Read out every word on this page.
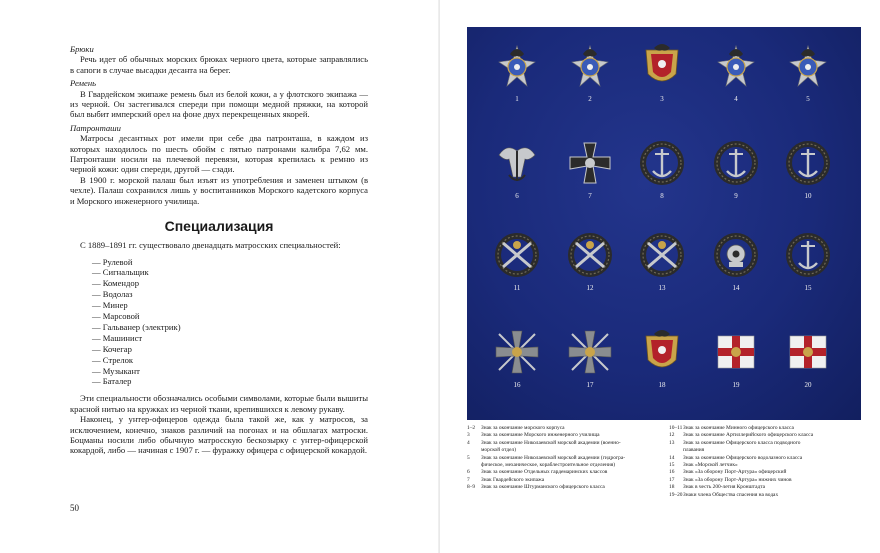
Брюки

Речь идет об обычных морских брюках черного цвета, которые заправлялись в сапоги в случае высадки десанта на берег.

Ремень

В Гвардейском экипаже ремень был из белой кожи, а у флотского экипажа — из черной. Он застегивался спереди при помощи медной пряжки, на которой был выбит имперский орел на фоне двух перекрещенных якорей.

Патронташи

Матросы десантных рот имели при себе два патронташа, в каждом из которых находилось по шесть обойм с пятью патронами калибра 7,62 мм. Патронташи носили на плечевой перевязи, которая крепилась к ремню из черной кожи: один спереди, другой — сзади.

В 1900 г. морской палаш был изъят из употребления и заменен штыком (в чехле). Палаш сохранился лишь у воспитанников Морского кадетского корпуса и Морского инженерного училища.

Специализация

С 1889–1891 гг. существовало двенадцать матросских специальностей:

— Рулевой
— Сигнальщик
— Комендор
— Водолаз
— Минер
— Марсовой
— Гальванер (электрик)
— Машинист
— Кочегар
— Стрелок
— Музыкант
— Баталер

Эти специальности обозначались особыми символами, которые были вышиты красной нитью на кружках из черной ткани, крепившихся к левому рукаву.

Наконец, у унтер-офицеров одежда была такой же, как у матросов, за исключением, конечно, знаков различий на погонах и на обшлагах матроски. Боцманы носили либо обычную матросскую бескозырку с унтер-офицерской кокардой, либо — начиная с 1907 г. — фуражку офицера с офицерской кокардой.

50
1	2	3	4	5
6	7	8	9	10
11	12	13	14	15
16	17	18	19	20
1–2	Знак за окончание морского корпуса
3	Знак за окончание Морского инженерного училища
4	Знак за окончание Николаевской морской академии (военно-
морской отдел)
5	Знак за окончание Николаевской морской академии (гидрогра-
фическое, механическое, кораблестроительное отделения)
6	Знак за окончание Отдельных гардемаринских классов
7	Знак Гвардейского экипажа
8–9	Знак за окончание Штурманского офицерского класса
10–11 Знак за окончание Минного офицерского класса
12	Знак за окончание Артиллерийского офицерского класса
13	Знак за окончание Офицерского класса подводного
плавания
14	Знак за окончание Офицерского водолазного класса
15	Знак «Морской летчик»
16	Знак «За оборону Порт-Артура» офицерский
17	Знак «За оборону Порт-Артура» нижних чинов
18	Знак в честь 200-летия Кронштадта
19–20 Знаки члена Общества спасения на водах
